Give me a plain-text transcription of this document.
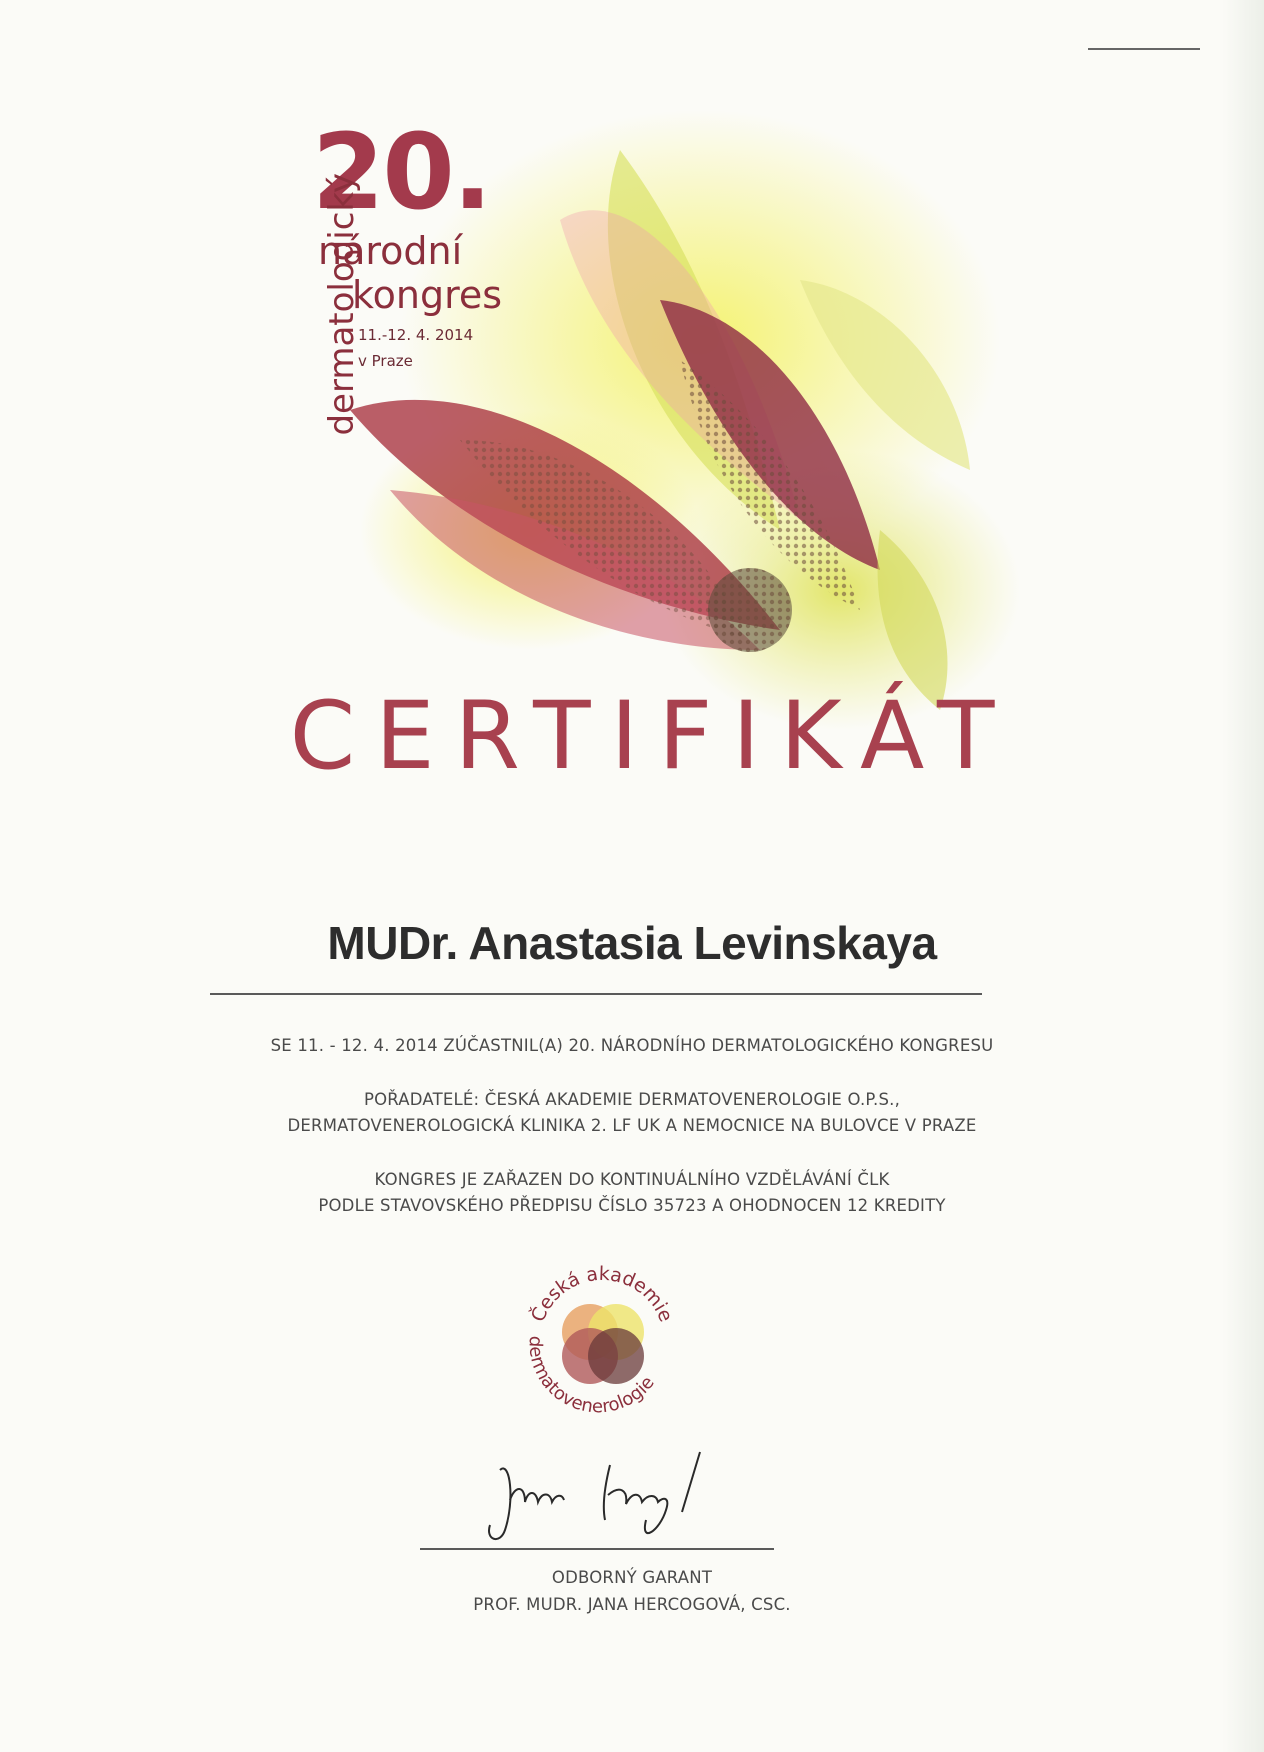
20.
národní
kongres
11.-12. 4. 2014
v Praze
dermatologický
CERTIFIKÁT
MUDr. Anastasia Levinskaya
SE 11. - 12. 4. 2014 ZÚČASTNIL(A) 20. NÁRODNÍHO DERMATOLOGICKÉHO KONGRESU
POŘADATELÉ: ČESKÁ AKADEMIE DERMATOVENEROLOGIE O.P.S.,
DERMATOVENEROLOGICKÁ KLINIKA 2. LF UK A NEMOCNICE NA BULOVCE V PRAZE
KONGRES JE ZAŘAZEN DO KONTINUÁLNÍHO VZDĚLÁVÁNÍ ČLK
PODLE STAVOVSKÉHO PŘEDPISU ČÍSLO 35723 A OHODNOCEN 12 KREDITY
Česká akademie
dermatovenerologie
ODBORNÝ GARANT
PROF. MUDR. JANA HERCOGOVÁ, CSC.
